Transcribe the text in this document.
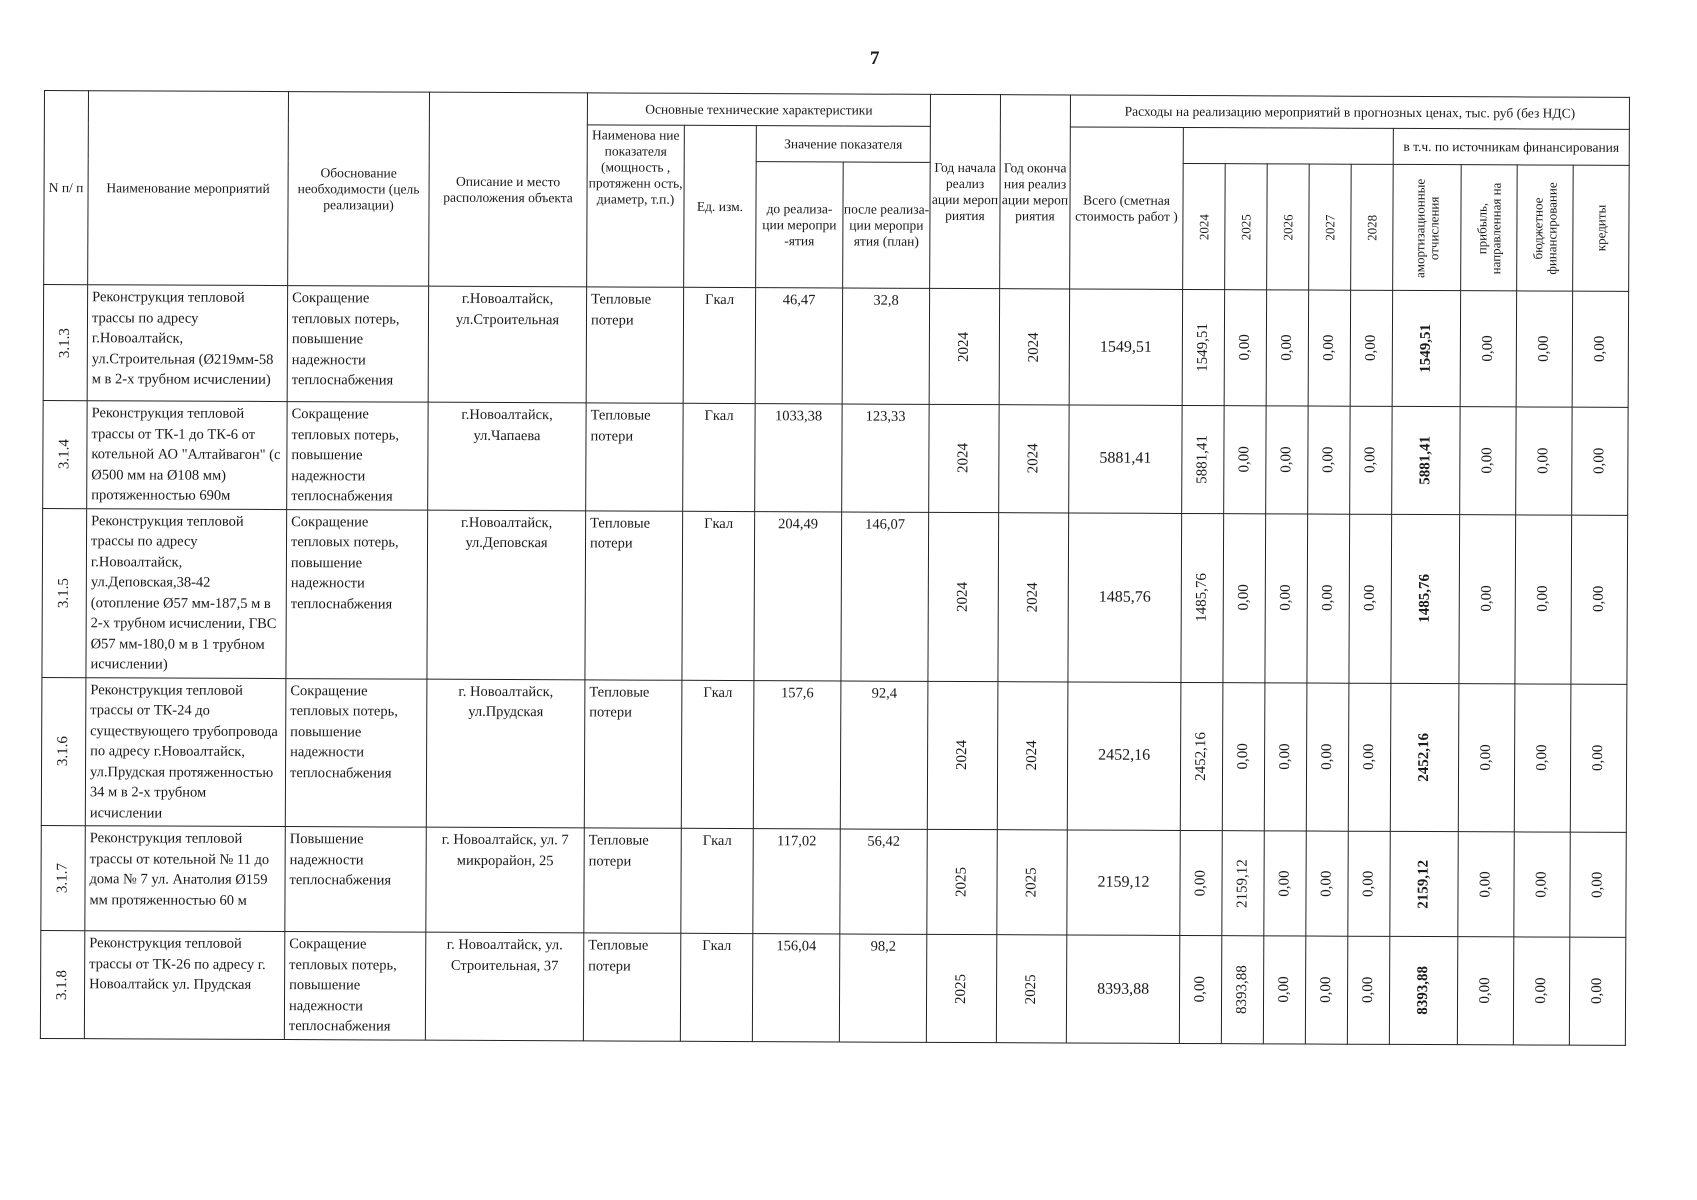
7
N п/ п	Наименование мероприятий	Обоснование необходимости (цель реализации)	Описание и место расположения объекта	Основные технические характеристики				Год начала реализ ации мероп риятия	Год оконча ния реализ ации мероп риятия	Расходы на реализацию мероприятий в прогнозных ценах, тыс. руб (без НДС)									
				Наименова ние показателя (мощность , протяженн ость, диаметр, т.п.)	Ед. изм.	Значение показателя				Всего (сметная стоимость работ )						в т.ч. по источникам финансирования			
						до реализа- ции меропри -ятия	после реализа- ции меропри ятия (план)				2024	2025	2026	2027	2028	амортизационные отчисления	прибыль, направленная на	бюджетное финансирование	кредиты

3.1.3	Реконструкция тепловой трассы по адресу г.Новоалтайск, ул.Строительная (Ø219мм-58 м в 2-х трубном исчислении)	Сокращение тепловых потерь, повышение надежности теплоснабжения	г.Новоалтайск, ул.Строительная	Тепловые потери	Гкал	46,47	32,8	2024	2024	1549,51	1549,51	0,00	0,00	0,00	0,00	1549,51	0,00	0,00	0,00

3.1.4	Реконструкция тепловой трассы от ТК-1 до ТК-6 от котельной АО "Алтайвагон" (с Ø500 мм на Ø108 мм) протяженностью 690м	Сокращение тепловых потерь, повышение надежности теплоснабжения	г.Новоалтайск, ул.Чапаева	Тепловые потери	Гкал	1033,38	123,33	2024	2024	5881,41	5881,41	0,00	0,00	0,00	0,00	5881,41	0,00	0,00	0,00

3.1.5	Реконструкция тепловой трассы по адресу г.Новоалтайск, ул.Деповская,38-42 (отопление Ø57 мм-187,5 м в 2-х трубном исчислении, ГВС Ø57 мм-180,0 м в 1 трубном исчислении)	Сокращение тепловых потерь, повышение надежности теплоснабжения	г.Новоалтайск, ул.Деповская	Тепловые потери	Гкал	204,49	146,07	2024	2024	1485,76	1485,76	0,00	0,00	0,00	0,00	1485,76	0,00	0,00	0,00

3.1.6	Реконструкция тепловой трассы от ТК-24 до существующего трубопровода по адресу г.Новоалтайск, ул.Прудская протяженностью 34 м в 2-х трубном исчислении	Сокращение тепловых потерь, повышение надежности теплоснабжения	г. Новоалтайск, ул.Прудская	Тепловые потери	Гкал	157,6	92,4	2024	2024	2452,16	2452,16	0,00	0,00	0,00	0,00	2452,16	0,00	0,00	0,00

3.1.7	Реконструкция тепловой трассы от котельной № 11 до дома № 7 ул. Анатолия Ø159 мм протяженностью 60 м	Повышение надежности теплоснабжения	г. Новоалтайск, ул. 7 микрорайон, 25	Тепловые потери	Гкал	117,02	56,42	2025	2025	2159,12	0,00	2159,12	0,00	0,00	0,00	2159,12	0,00	0,00	0,00

3.1.8	Реконструкция тепловой трассы от ТК-26 по адресу г. Новоалтайск ул. Прудская	Сокращение тепловых потерь, повышение надежности теплоснабжения	г. Новоалтайск, ул. Строительная, 37	Тепловые потери	Гкал	156,04	98,2	2025	2025	8393,88	0,00	8393,88	0,00	0,00	0,00	8393,88	0,00	0,00	0,00
